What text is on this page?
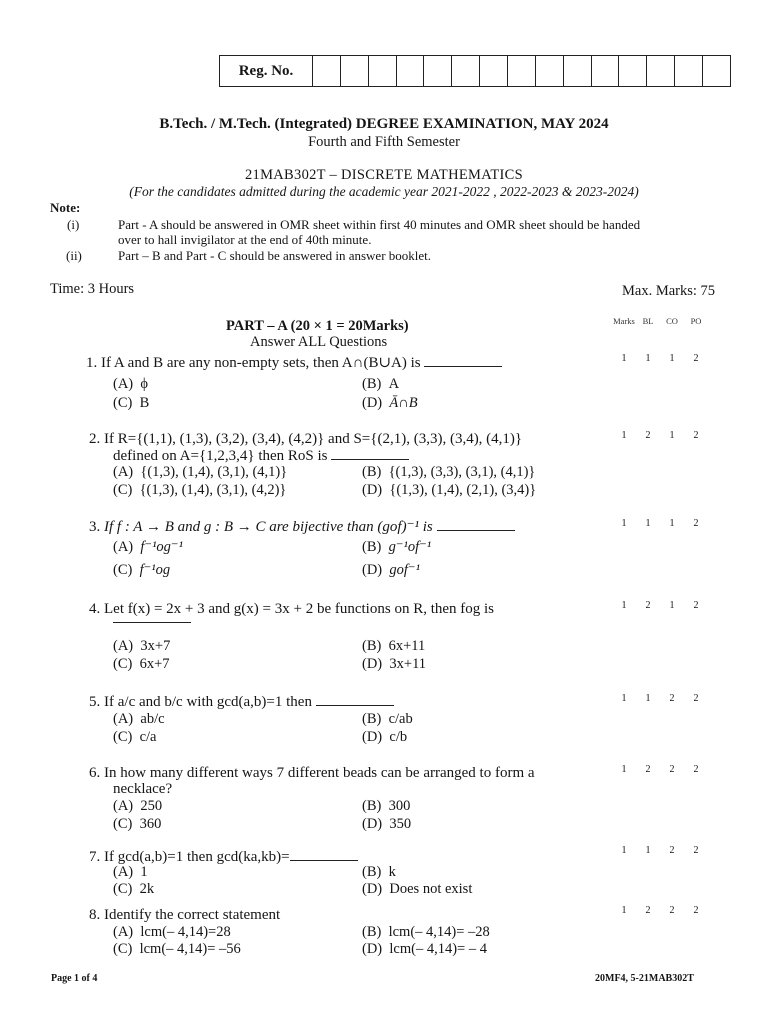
Reg. No.
B.Tech. / M.Tech. (Integrated) DEGREE EXAMINATION, MAY 2024
Fourth and Fifth Semester
21MAB302T – DISCRETE MATHEMATICS
(For the candidates admitted during the academic year 2021-2022 , 2022-2023 & 2023-2024)
Note:
(i)	Part - A should be answered in OMR sheet within first 40 minutes and OMR sheet should be handed
over to hall invigilator at the end of 40th minute.
(ii)	Part – B and Part - C should be answered in answer booklet.
Time: 3 Hours	Max. Marks: 75
PART – A (20 × 1 = 20Marks)
Answer ALL Questions
Marks BL	CO	PO
1. If A and B are any non-empty sets, then A∩(B∪A) is
(A) ϕ	(B) A
(C) B	(D) Ā∩B
1	1	1	2
2. If R={(1,1), (1,3), (3,2), (3,4), (4,2)} and S={(2,1), (3,3), (3,4), (4,1)}
defined on A={1,2,3,4} then RoS is
(A) {(1,3), (1,4), (3,1), (4,1)}	(B) {(1,3), (3,3), (3,1), (4,1)}
(C) {(1,3), (1,4), (3,1), (4,2)}	(D) {(1,3), (1,4), (2,1), (3,4)}
1	2	1	2
3. If f : A → B and g : B → C are bijective than (gof)⁻¹ is
(A) f⁻¹og⁻¹	(B) g⁻¹of⁻¹
(C) f⁻¹og	(D) gof⁻¹
1	1	1	2
4. Let f(x) = 2x + 3 and g(x) = 3x + 2 be functions on R, then fog is
(A) 3x+7	(B) 6x+11
(C) 6x+7	(D) 3x+11
1	2	1	2
5. If a/c and b/c with gcd(a,b)=1 then
(A) ab/c	(B) c/ab
(C) c/a	(D) c/b
1	1	2	2
6. In how many different ways 7 different beads can be arranged to form a
necklace?
(A) 250	(B) 300
(C) 360	(D) 350
1	2	2	2
7. If gcd(a,b)=1 then gcd(ka,kb)=
(A) 1	(B) k
(C) 2k	(D) Does not exist
1	1	2	2
8. Identify the correct statement
(A) lcm(– 4,14)=28	(B) lcm(– 4,14)= –28
(C) lcm(– 4,14)= –56	(D) lcm(– 4,14)= – 4
1	2	2	2
Page 1 of 4	20MF4, 5-21MAB302T
